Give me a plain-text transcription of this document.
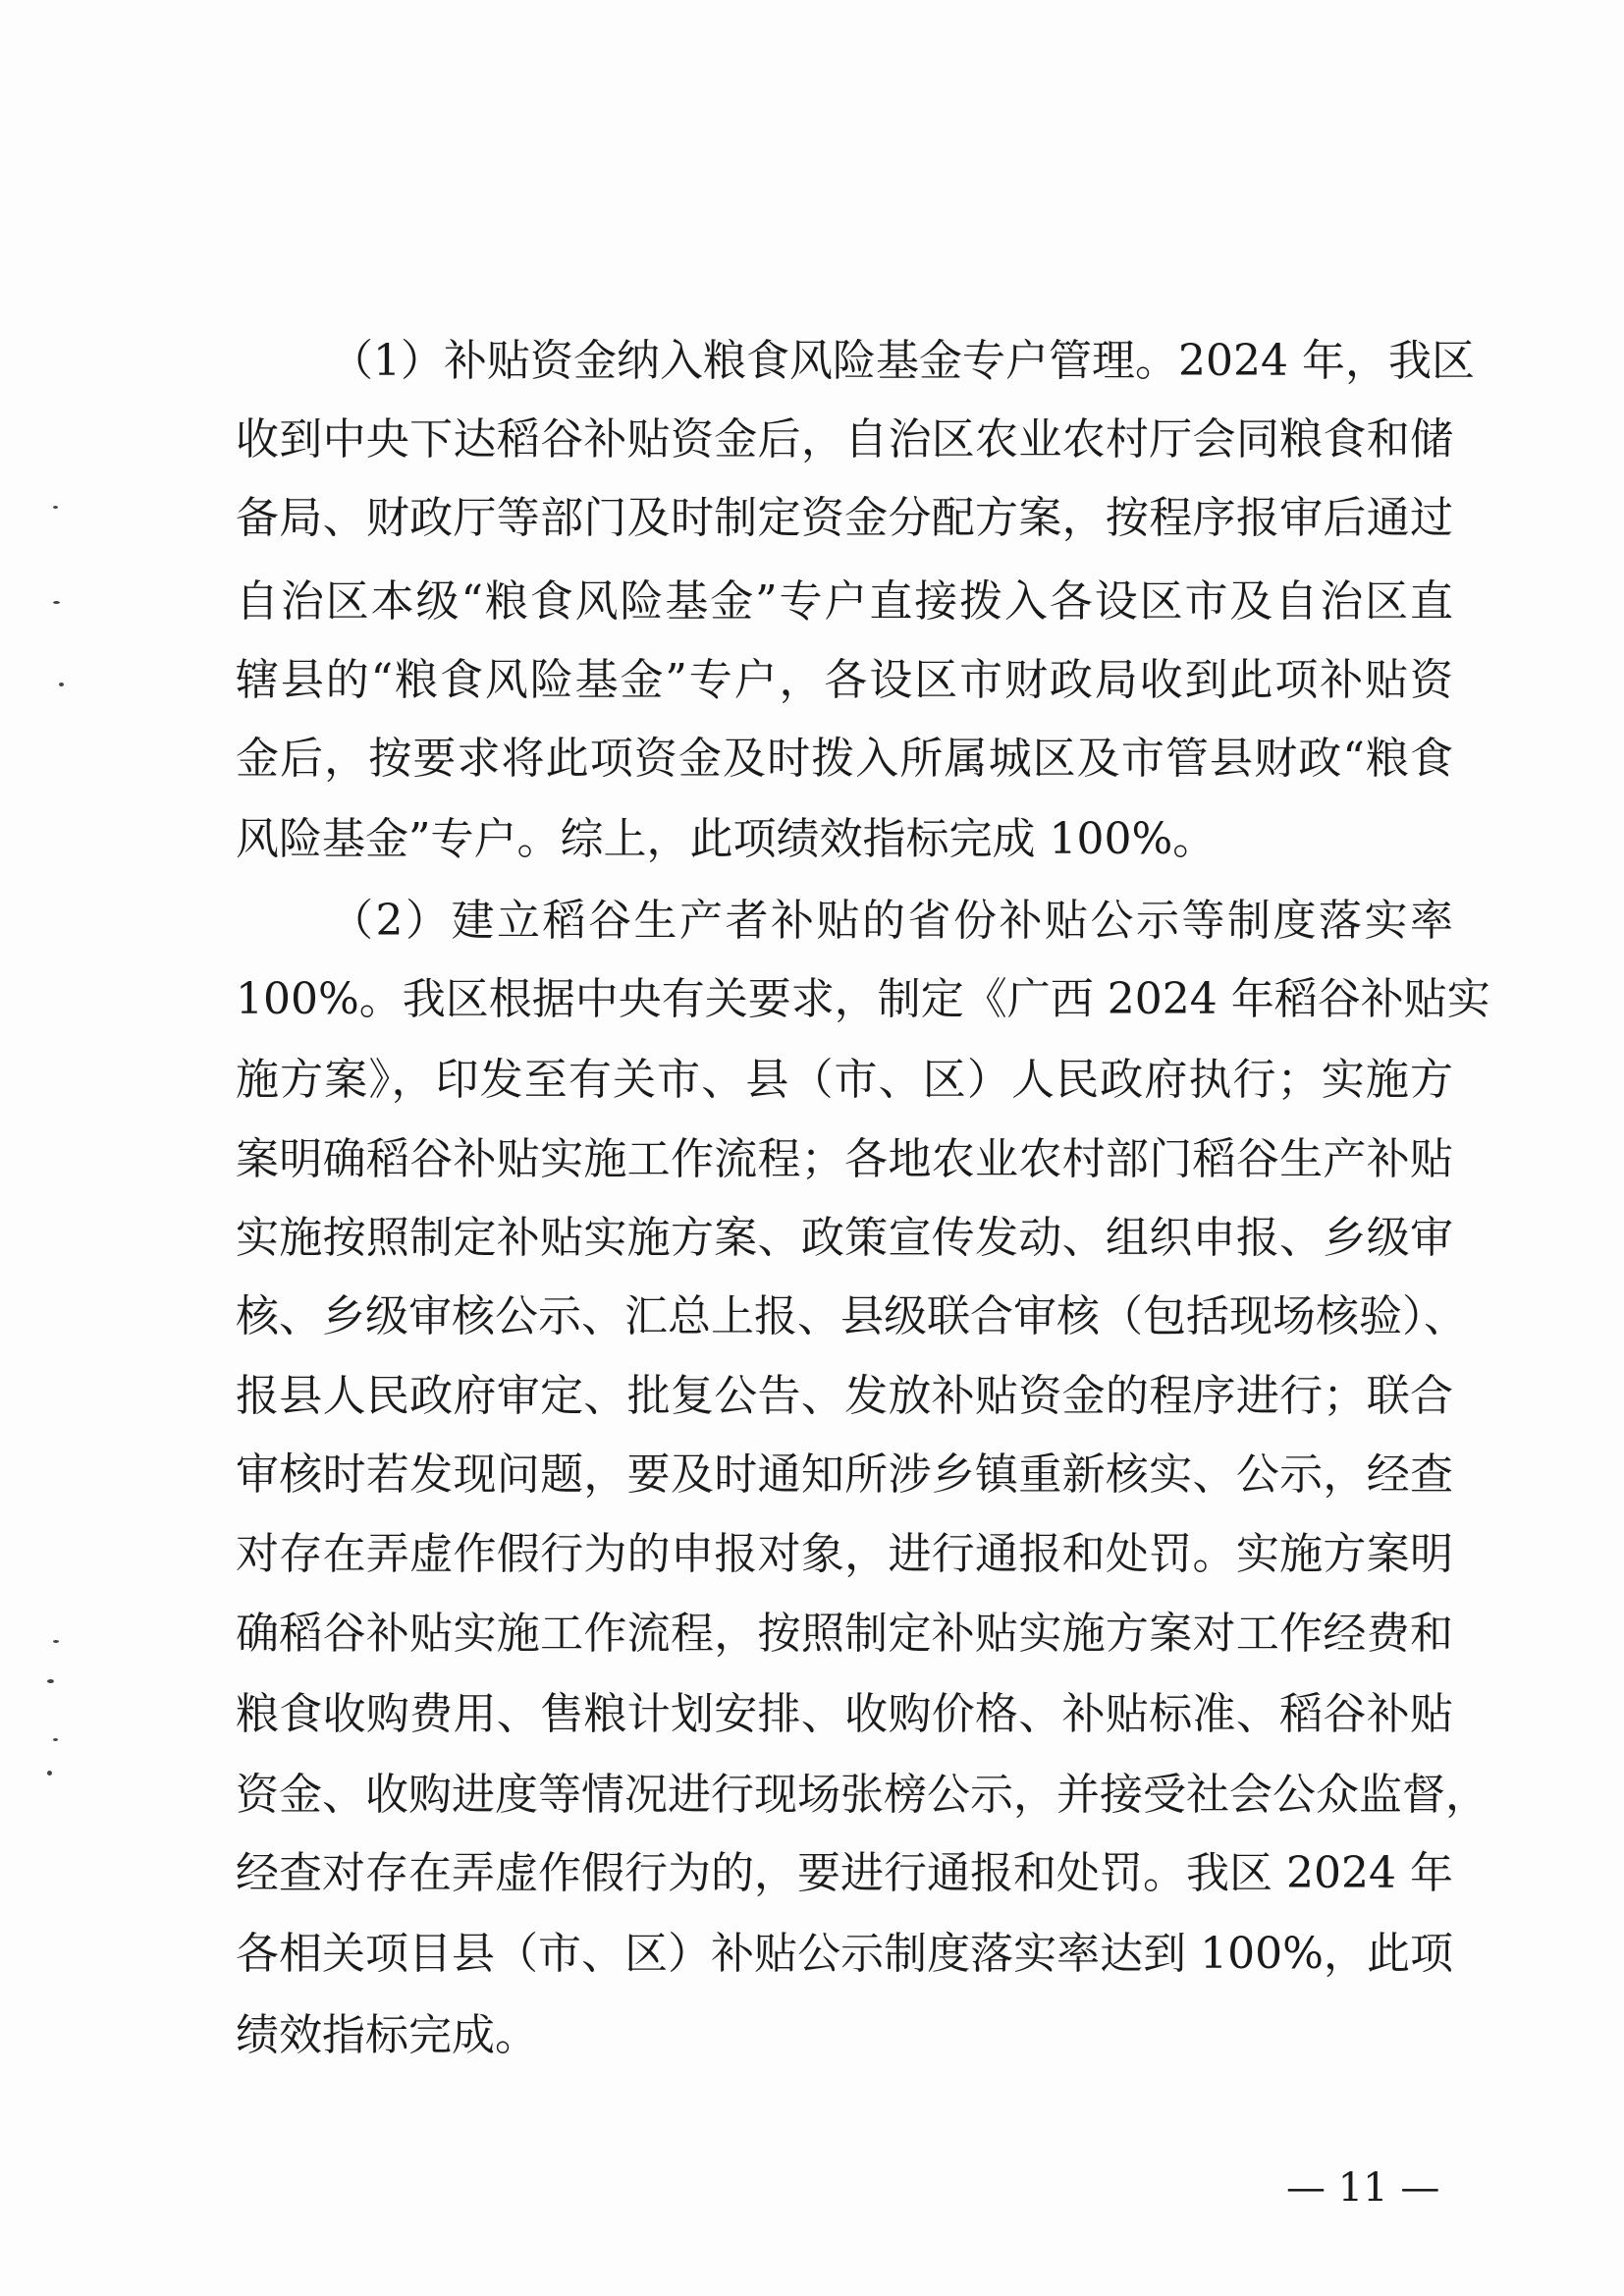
（1）补贴资金纳入粮食风险基金专户管理。2024 年，我区
收到中央下达稻谷补贴资金后，自治区农业农村厅会同粮食和储
备局、财政厅等部门及时制定资金分配方案，按程序报审后通过
自治区本级“粮食风险基金”专户直接拨入各设区市及自治区直
辖县的“粮食风险基金”专户，各设区市财政局收到此项补贴资
金后，按要求将此项资金及时拨入所属城区及市管县财政“粮食
风险基金”专户。综上，此项绩效指标完成 100%。
（2）建立稻谷生产者补贴的省份补贴公示等制度落实率
100%。我区根据中央有关要求，制定《广西 2024 年稻谷补贴实
施方案》，印发至有关市、县（市、区）人民政府执行；实施方
案明确稻谷补贴实施工作流程；各地农业农村部门稻谷生产补贴
实施按照制定补贴实施方案、政策宣传发动、组织申报、乡级审
核、乡级审核公示、汇总上报、县级联合审核（包括现场核验）、
报县人民政府审定、批复公告、发放补贴资金的程序进行；联合
审核时若发现问题，要及时通知所涉乡镇重新核实、公示，经查
对存在弄虚作假行为的申报对象，进行通报和处罚。实施方案明
确稻谷补贴实施工作流程，按照制定补贴实施方案对工作经费和
粮食收购费用、售粮计划安排、收购价格、补贴标准、稻谷补贴
资金、收购进度等情况进行现场张榜公示，并接受社会公众监督，
经查对存在弄虚作假行为的，要进行通报和处罚。我区 2024 年
各相关项目县（市、区）补贴公示制度落实率达到 100%，此项
绩效指标完成。
— 11 —
